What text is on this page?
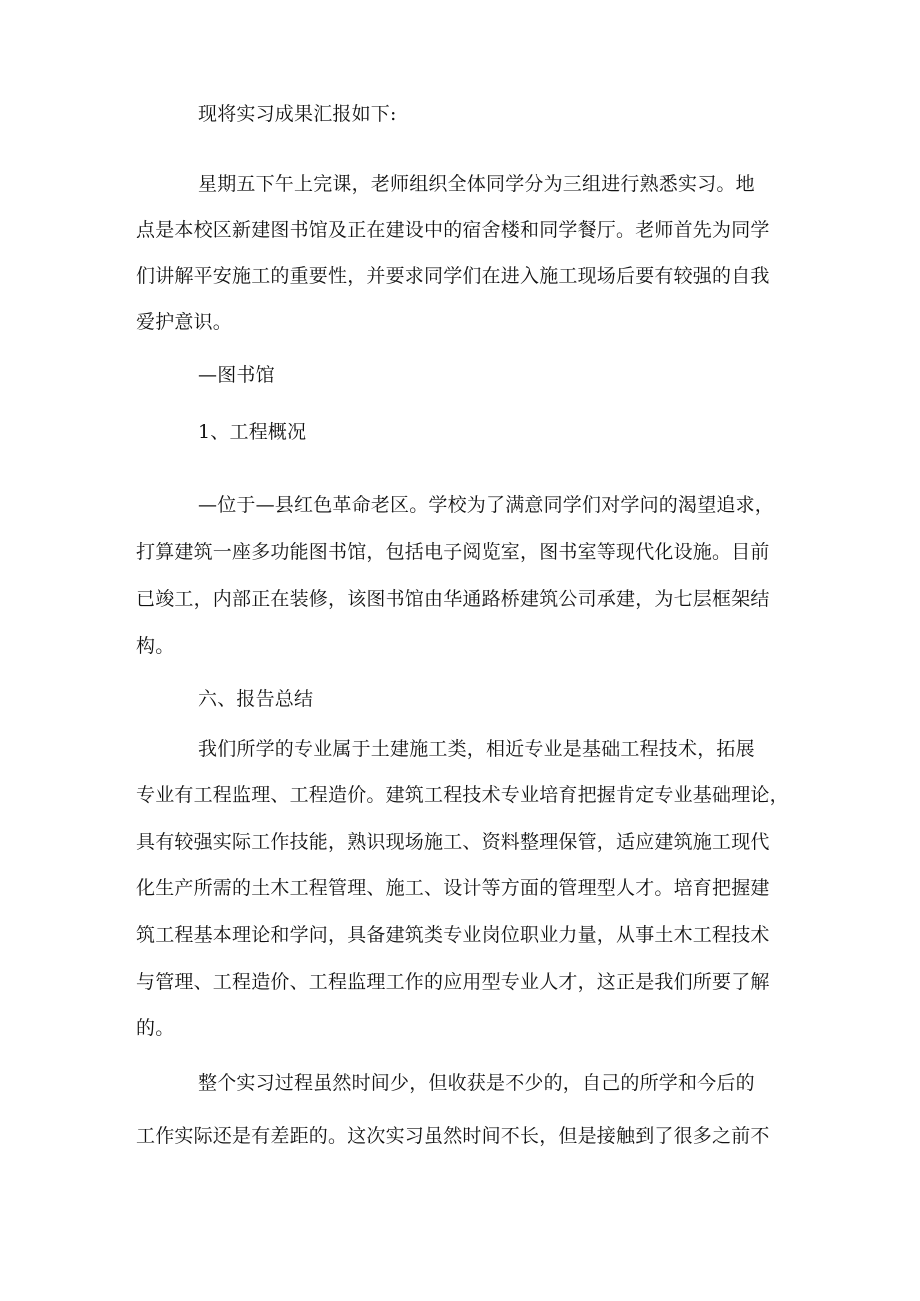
现将实习成果汇报如下:
星期五下午上完课，老师组织全体同学分为三组进行熟悉实习。地
点是本校区新建图书馆及正在建设中的宿舍楼和同学餐厅。老师首先为同学
们讲解平安施工的重要性，并要求同学们在进入施工现场后要有较强的自我
爱护意识。
—图书馆
1、工程概况
—位于—县红色革命老区。学校为了满意同学们对学问的渴望追求，
打算建筑一座多功能图书馆，包括电子阅览室，图书室等现代化设施。目前
已竣工，内部正在装修，该图书馆由华通路桥建筑公司承建，为七层框架结
构。
六、报告总结
我们所学的专业属于土建施工类，相近专业是基础工程技术，拓展
专业有工程监理、工程造价。建筑工程技术专业培育把握肯定专业基础理论，
具有较强实际工作技能，熟识现场施工、资料整理保管，适应建筑施工现代
化生产所需的土木工程管理、施工、设计等方面的管理型人才。培育把握建
筑工程基本理论和学问，具备建筑类专业岗位职业力量，从事土木工程技术
与管理、工程造价、工程监理工作的应用型专业人才，这正是我们所要了解
的。
整个实习过程虽然时间少，但收获是不少的，自己的所学和今后的
工作实际还是有差距的。这次实习虽然时间不长，但是接触到了很多之前不
